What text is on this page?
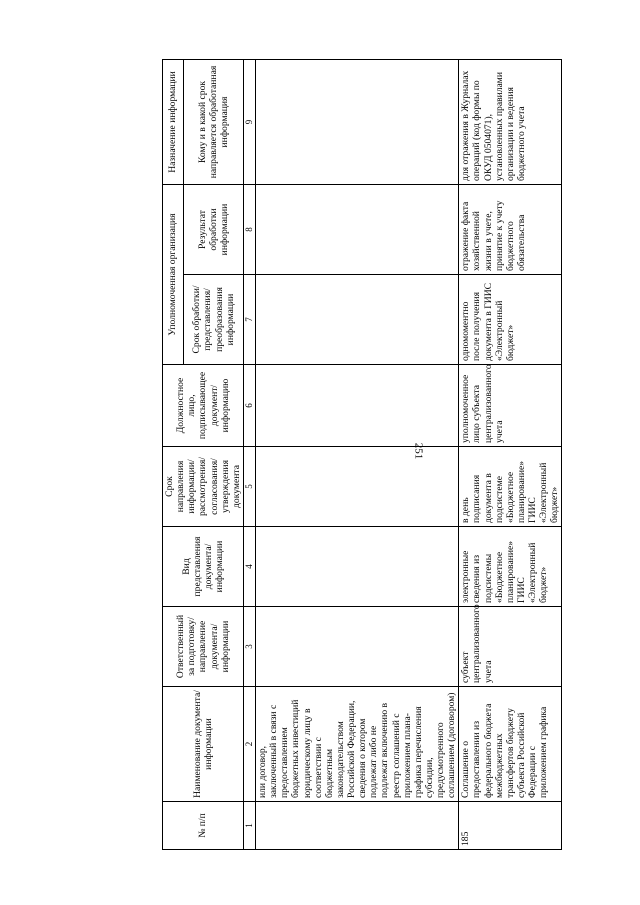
251
№ п/п	Наименование документа/ информации	Ответственный за подготовку/ направление документа/ информации	Вид представления документа/ информации	Срок направления информации/ рассмотрения/ согласования/ утверждения документа	Должностное лицо, подписывающее документ/ информацию	Уполномоченная организация		Назначение информации
						Срок обработки/ представления/ преобразования информации	Результат обработки информации	Кому и в какой срок направляется обработанная информация
1	2	3	4	5	6	7	8	9
	или договор, заключенный в связи с предоставлением бюджетных инвестиций юридическому лицу в соответствии с бюджетным законодательством Российской Федерации, сведения о котором подлежат либо не подлежат включению в реестр соглашений с приложением плана-графика перечисления субсидии, предусмотренного соглашением (договором)							
185	Соглашение о предоставлении из федерального бюджета межбюджетных трансфертов бюджету субъекта Российской Федерации с приложением графика	субъект централизованного учета	электронные сведения из подсистемы «Бюджетное планирование» ГИИС «Электронный бюджет»	в день подписания документа в подсистеме «Бюджетное планирование» ГИИС «Электронный бюджет»	уполномоченное лицо субъекта централизованного учета	одномоментно после получения документа в ГИИС «Электронный бюджет»	отражение факта хозяйственной жизни в учете, принятие к учету бюджетного обязательства	для отражения в Журналах операций (код формы по ОКУД 0504071), установленных правилами организации и ведения бюджетного учета
